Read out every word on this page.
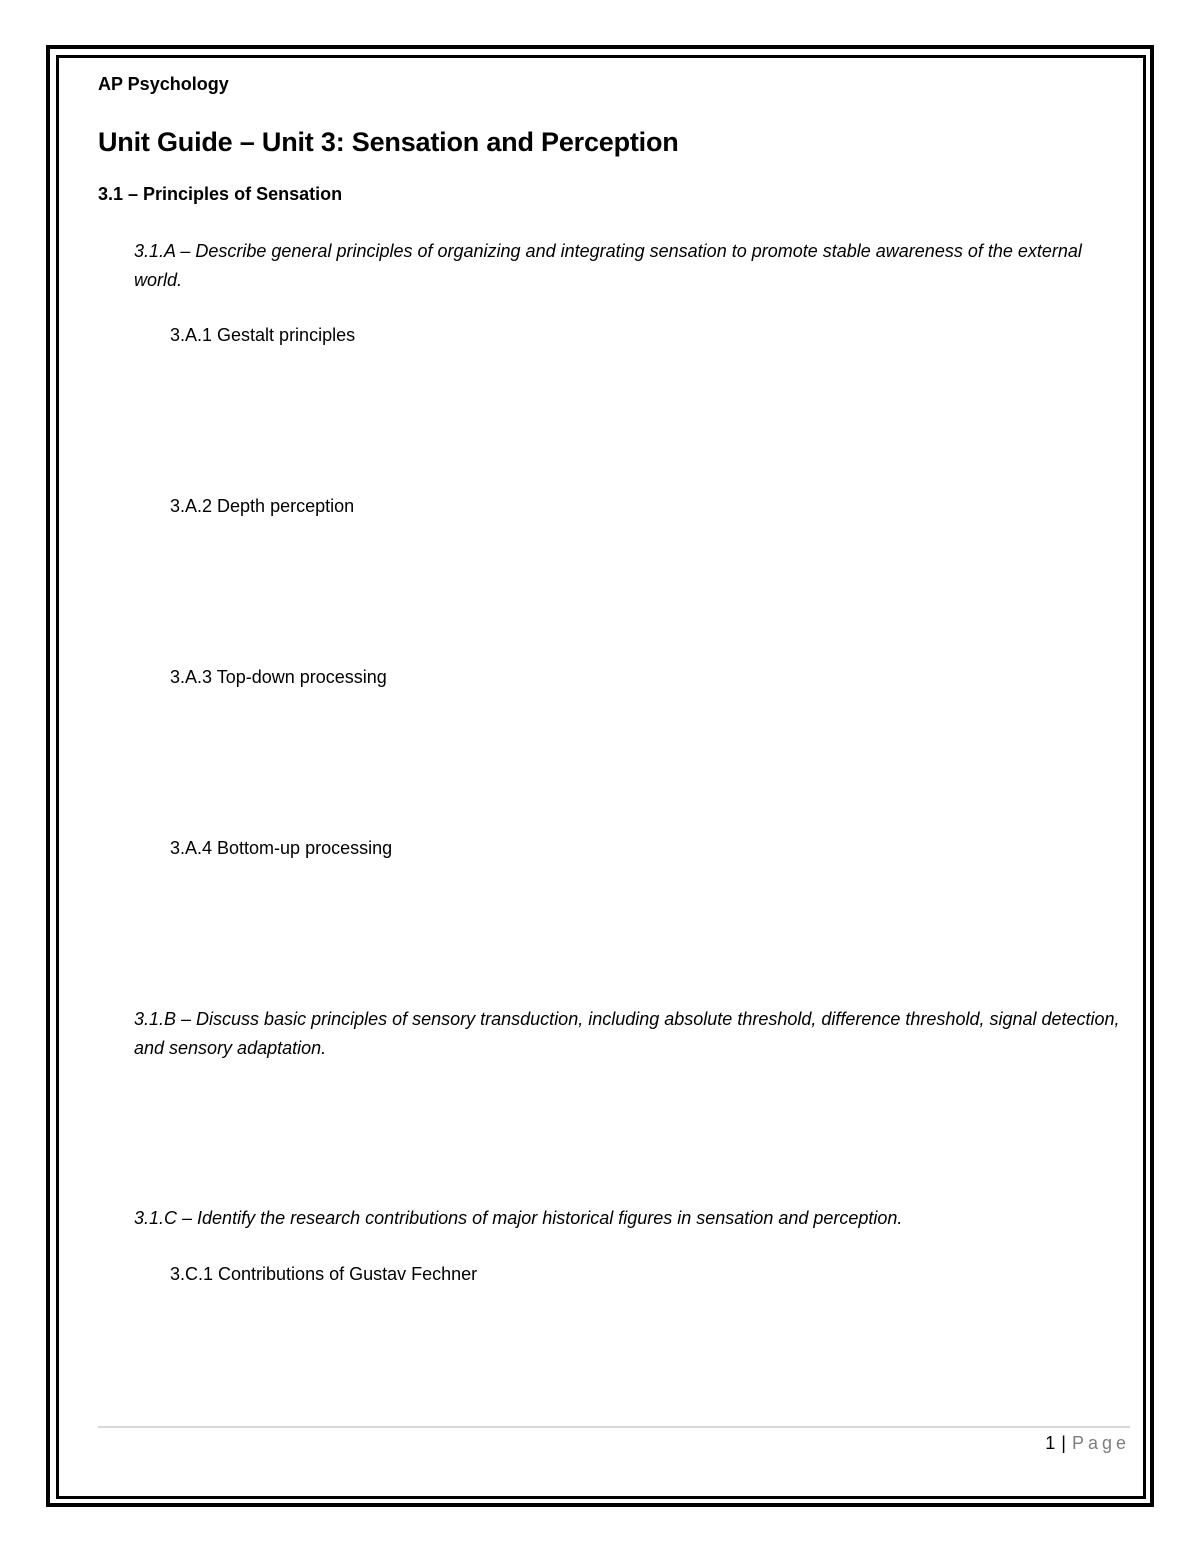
AP Psychology
Unit Guide – Unit 3: Sensation and Perception
3.1 – Principles of Sensation
3.1.A – Describe general principles of organizing and integrating sensation to promote stable awareness of the external world.
3.A.1 Gestalt principles
3.A.2 Depth perception
3.A.3 Top-down processing
3.A.4 Bottom-up processing
3.1.B – Discuss basic principles of sensory transduction, including absolute threshold, difference threshold, signal detection, and sensory adaptation.
3.1.C – Identify the research contributions of major historical figures in sensation and perception.
3.C.1 Contributions of Gustav Fechner
1 | Page
